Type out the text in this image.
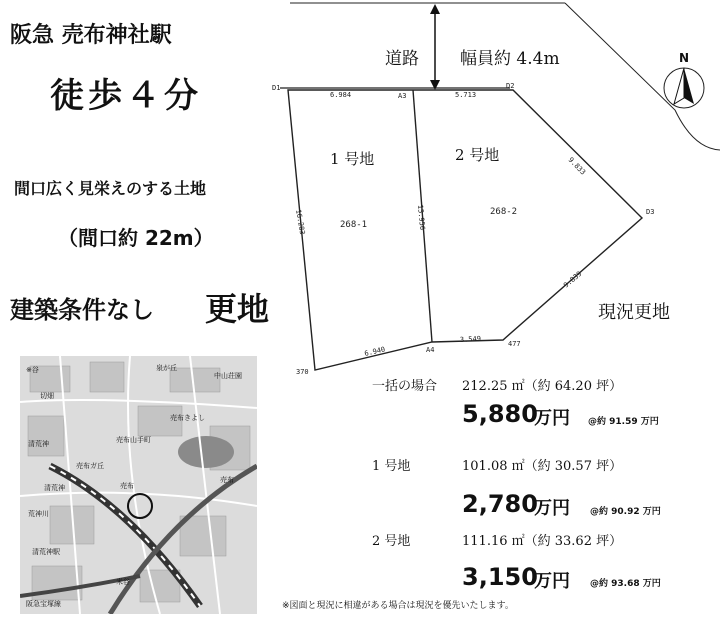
阪急 売布神社駅
徒歩４分
間口広く見栄えのする土地
（間口約 22m）
建築条件なし 更地
D1
A3
D2
D3
A4
477
370
6.984	5.713
9.833
9.839
16.283	15.956
6.940
3.549
1 号地	2 号地
268-1
268-2
N
道路 幅員約 4.4m
現況更地
※谷	泉が丘
中山荘園
切畑
売布きよし
売布ガ丘
売布山手町
清荒神
清荒神
荒神川
売布
売布
清荒神駅
米谷
阪急宝塚線
一括の場合 212.25 ㎡（約 64.20 坪）
5,880
万円 @約 91.59 万円
1 号地	101.08 ㎡（約 30.57 坪）
2,780
万円 @約 90.92 万円
2 号地	111.16 ㎡（約 33.62 坪）
3,150
万円 @約 93.68 万円
※図面と現況に相違がある場合は現況を優先いたします。
